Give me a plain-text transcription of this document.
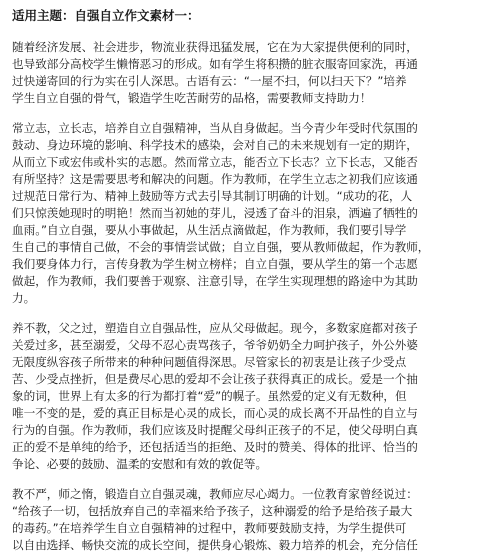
适用主题：自强自立作文素材一：
随着经济发展、社会进步，物流业获得迅猛发展，它在为大家提供便利的同时，
也导致部分高校学生懒惰恶习的形成。如有学生将积攒的脏衣服寄回家洗，再通
过快递寄回的行为实在引人深思。古语有云：“一屋不扫，何以扫天下？”培养
学生自立自强的骨气，锻造学生吃苦耐劳的品格，需要教师支持助力！
常立志，立长志，培养自立自强精神，当从自身做起。当今青少年受时代氛围的
鼓动、身边环境的影响、科学技术的感染，会对自己的未来规划有一定的期许，
从而立下或宏伟或朴实的志愿。然而常立志，能否立下长志？立下长志，又能否
有所坚持？这是需要思考和解决的问题。作为教师，在学生立志之初我们应该通
过规范日常行为、精神上鼓励等方式去引导其制订明确的计划。“成功的花，人
们只惊羡她现时的明艳！然而当初她的芽儿，浸透了奋斗的泪泉，洒遍了牺牲的
血雨。”自立自强，要从小事做起，从生活点滴做起，作为教师，我们要引导学
生自己的事情自己做，不会的事情尝试做；自立自强，要从教师做起，作为教师，
我们要身体力行，言传身教为学生树立榜样；自立自强，要从学生的第一个志愿
做起，作为教师，我们要善于观察、注意引导，在学生实现理想的路途中为其助
力。
养不教，父之过，塑造自立自强品性，应从父母做起。现今，多数家庭都对孩子
关爱过多，甚至溺爱，父母不忍心责骂孩子，爷爷奶奶全力呵护孩子，外公外婆
无限度纵容孩子所带来的种种问题值得深思。尽管家长的初衷是让孩子少受点
苦、少受点挫折，但是费尽心思的爱却不会让孩子获得真正的成长。爱是一个抽
象的词，世界上有太多的行为都打着“爱”的幌子。虽然爱的定义有无数种，但
唯一不变的是，爱的真正目标是心灵的成长，而心灵的成长离不开品性的自立与
行为的自强。作为教师，我们应该及时提醒父母纠正孩子的不足，使父母明白真
正的爱不是单纯的给予，还包括适当的拒绝、及时的赞美、得体的批评、恰当的
争论、必要的鼓励、温柔的安慰和有效的敦促等。
教不严，师之惰，锻造自立自强灵魂，教师应尽心竭力。一位教育家曾经说过：
“给孩子一切，包括放弃自己的幸福来给予孩子，这种溺爱的给予是给孩子最大
的毒药。”在培养学生自立自强精神的过程中，教师要鼓励支持，为学生提供可
以自由选择、畅快交流的成长空间，提供身心锻炼、毅力培养的机会，充分信任
